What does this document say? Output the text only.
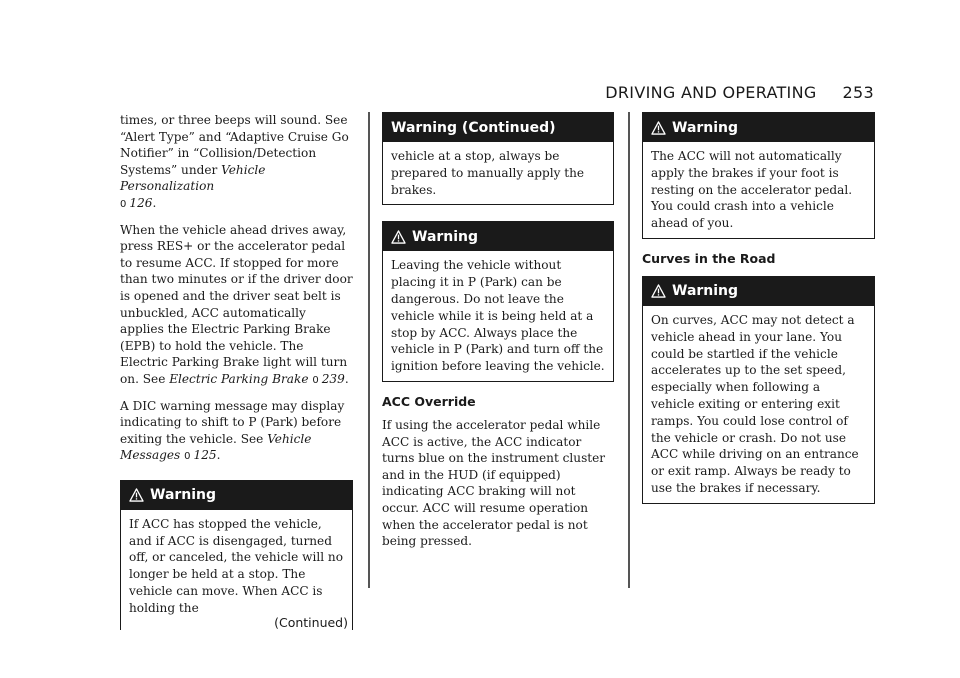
DRIVING AND OPERATING 253

times, or three beeps will sound. See “Alert Type” and “Adaptive Cruise Go Notifier” in “Collision/Detection Systems” under Vehicle Personalization
0 126.

When the vehicle ahead drives away, press RES+ or the accelerator pedal to resume ACC. If stopped for more than two minutes or if the driver door is opened and the driver seat belt is unbuckled, ACC automatically applies the Electric Parking Brake (EPB) to hold the vehicle. The Electric Parking Brake light will turn on. See Electric Parking Brake 0 239.

A DIC warning message may display indicating to shift to P (Park) before exiting the vehicle. See Vehicle Messages 0 125.

Warning
If ACC has stopped the vehicle, and if ACC is disengaged, turned off, or canceled, the vehicle will no longer be held at a stop. The vehicle can move. When ACC is holding the
(Continued)
Warning (Continued)
vehicle at a stop, always be prepared to manually apply the brakes.
Warning
Leaving the vehicle without placing it in P (Park) can be dangerous. Do not leave the vehicle while it is being held at a stop by ACC. Always place the vehicle in P (Park) and turn off the ignition before leaving the vehicle.
ACC Override

If using the accelerator pedal while ACC is active, the ACC indicator turns blue on the instrument cluster and in the HUD (if equipped) indicating ACC braking will not occur. ACC will resume operation when the accelerator pedal is not being pressed.

Warning
The ACC will not automatically apply the brakes if your foot is resting on the accelerator pedal. You could crash into a vehicle ahead of you.
Curves in the Road
Warning
On curves, ACC may not detect a vehicle ahead in your lane. You could be startled if the vehicle accelerates up to the set speed, especially when following a vehicle exiting or entering exit ramps. You could lose control of the vehicle or crash. Do not use ACC while driving on an entrance or exit ramp. Always be ready to use the brakes if necessary.
